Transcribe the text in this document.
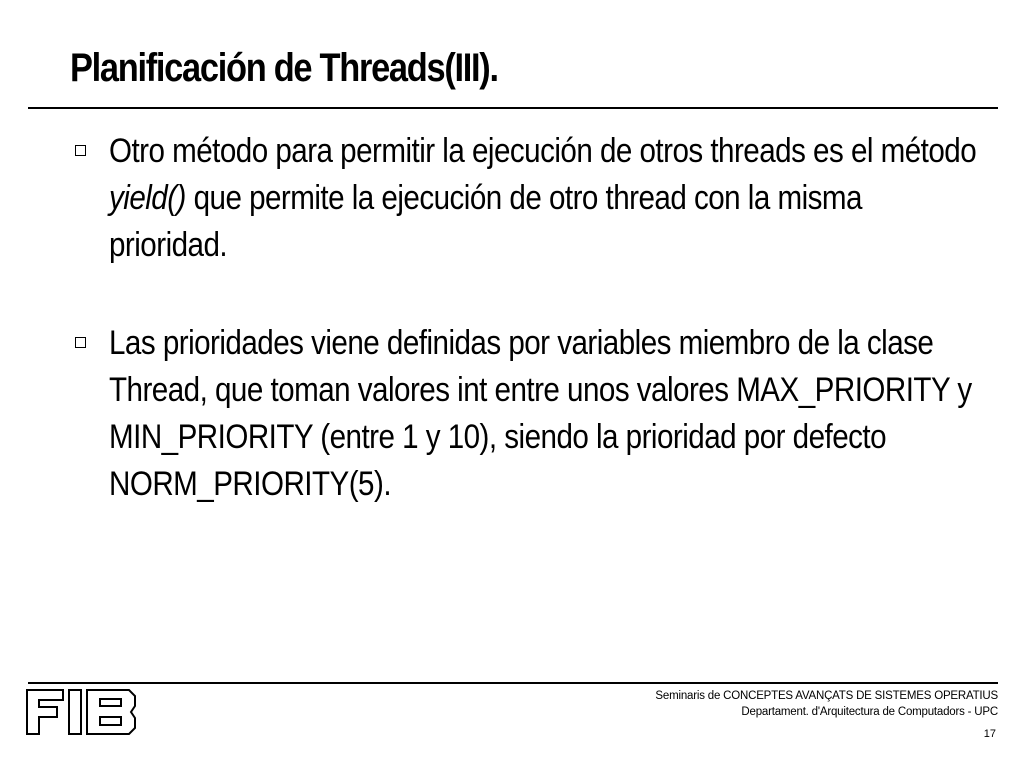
Planificación de Threads(III).
Otro método para permitir la ejecución de otros threads es el método yield() que permite la ejecución de otro thread con la misma prioridad.
Las prioridades viene definidas por variables miembro de la clase Thread, que toman valores int entre unos valores MAX_PRIORITY y MIN_PRIORITY (entre 1 y 10), siendo la prioridad por defecto NORM_PRIORITY(5).
Seminaris de CONCEPTES AVANÇATS DE SISTEMES OPERATIUS
Departament. d'Arquitectura de Computadors - UPC
17
